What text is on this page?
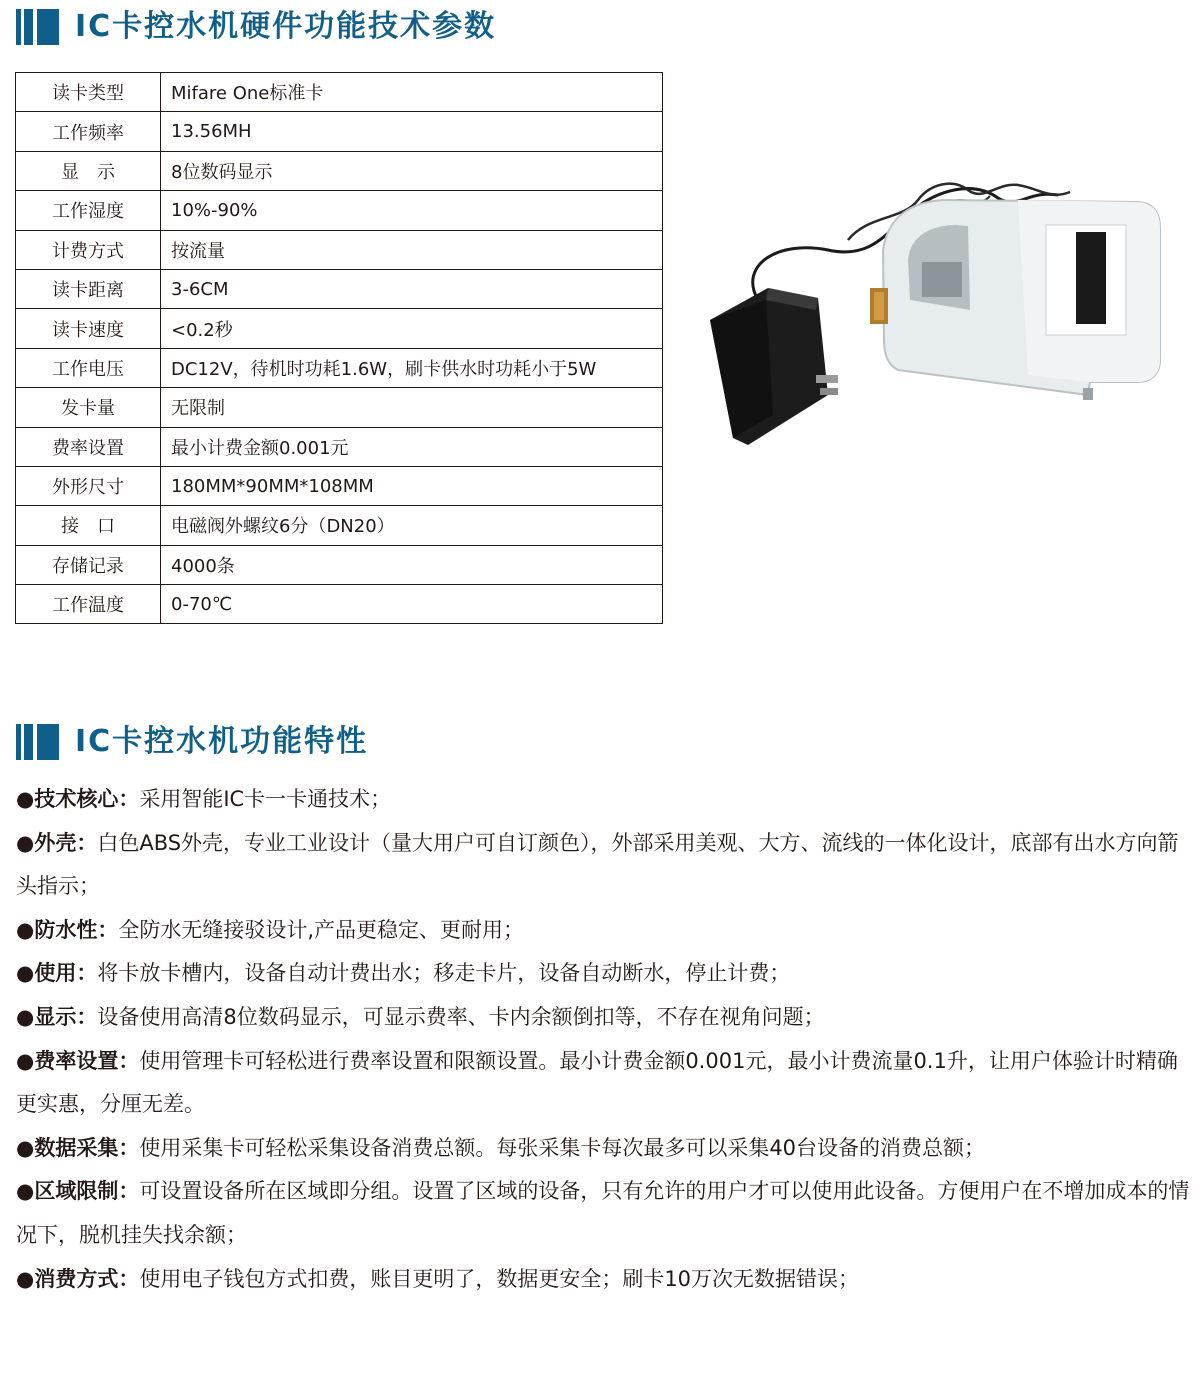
IC卡控水机硬件功能技术参数
读卡类型	Mifare One标准卡
工作频率	13.56MH
显　示	8位数码显示
工作湿度	10%-90%
计费方式	按流量
读卡距离	3-6CM
读卡速度	<0.2秒
工作电压	DC12V，待机时功耗1.6W，刷卡供水时功耗小于5W
发卡量	无限制
费率设置	最小计费金额0.001元
外形尺寸	180MM*90MM*108MM
接　口	电磁阀外螺纹6分（DN20）
存储记录	4000条
工作温度	0-70℃
IC卡控水机功能特性

●技术核心：采用智能IC卡一卡通技术；

●外壳：白色ABS外壳，专业工业设计（量大用户可自订颜色），外部采用美观、大方、流线的一体化设计，底部有出水方向箭头指示；

●防水性：全防水无缝接驳设计,产品更稳定、更耐用；

●使用：将卡放卡槽内，设备自动计费出水；移走卡片，设备自动断水，停止计费；

●显示：设备使用高清8位数码显示，可显示费率、卡内余额倒扣等，不存在视角问题；

●费率设置：使用管理卡可轻松进行费率设置和限额设置。最小计费金额0.001元，最小计费流量0.1升，让用户体验计时精确更实惠，分厘无差。

●数据采集：使用采集卡可轻松采集设备消费总额。每张采集卡每次最多可以采集40台设备的消费总额；

●区域限制：可设置设备所在区域即分组。设置了区域的设备，只有允许的用户才可以使用此设备。方便用户在不增加成本的情况下，脱机挂失找余额；

●消费方式：使用电子钱包方式扣费，账目更明了，数据更安全；刷卡10万次无数据错误；
